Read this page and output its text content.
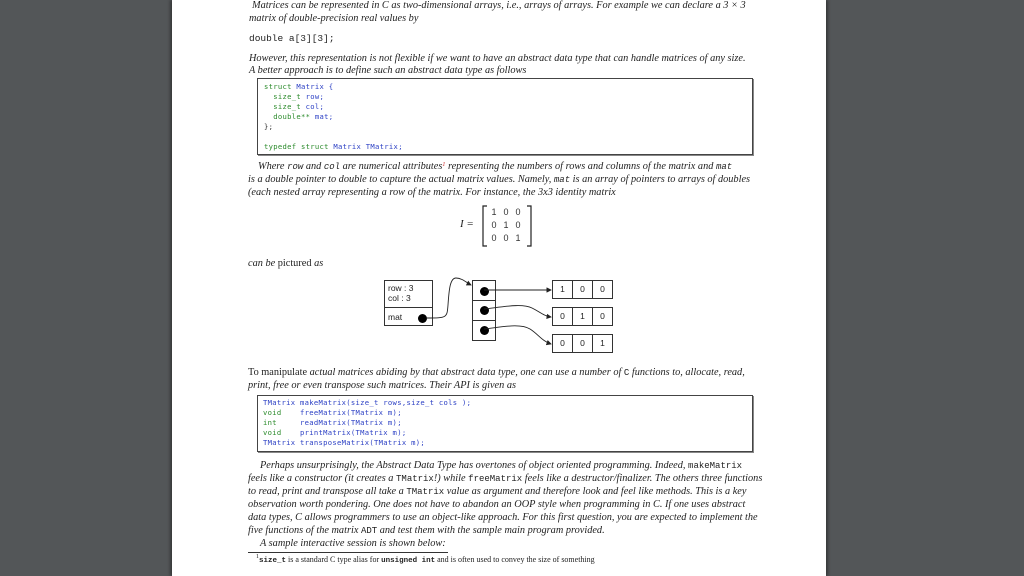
Matrices can be represented in C as two-dimensional arrays, i.e., arrays of arrays. For example we can declare a 3 × 3
matrix of double-precision real values by
double a[3][3];
However, this representation is not flexible if we want to have an abstract data type that can handle matrices of any size.
A better approach is to define such an abstract data type as follows
struct Matrix {
size_t row;
size_t col;
double** mat;
};
typedef struct Matrix TMatrix;
Where row and col are numerical attributes$^1$ representing the numbers of rows and columns of the matrix and mat
is a double pointer to double to capture the actual matrix values. Namely, mat is an array of pointers to arrays of doubles
(each nested array representing a row of the matrix. For instance, the 3x3 identity matrix
I =
1 0 0
0 1 0
0 0 1
can be pictured as
row : 3
col : 3
mat
1	0	0
0	1	0
0	0	1
To manipulate actual matrices abiding by that abstract data type, one can use a number of C functions to, allocate, read,
print, free or even transpose such matrices. Their API is given as
TMatrix makeMatrix(size_t rows,size_t cols );
void    freeMatrix(TMatrix m);
int     readMatrix(TMatrix m);
void    printMatrix(TMatrix m);
TMatrix transposeMatrix(TMatrix m);
Perhaps unsurprisingly, the Abstract Data Type has overtones of object oriented programming. Indeed, makeMatrix
feels like a constructor (it creates a TMatrix!) while freeMatrix feels like a destructor/finalizer. The others three functions
to read, print and transpose all take a TMatrix value as argument and therefore look and feel like methods. This is a key
observation worth pondering. One does not have to abandon an OOP style when programming in C. If one uses abstract
data types, C allows programmers to use an object-like approach. For this first question, you are expected to implement the
five functions of the matrix ADT and test them with the sample main program provided.
A sample interactive session is shown below:
$^1$size_t is a standard C type alias for unsigned int and is often used to convey the size of something
